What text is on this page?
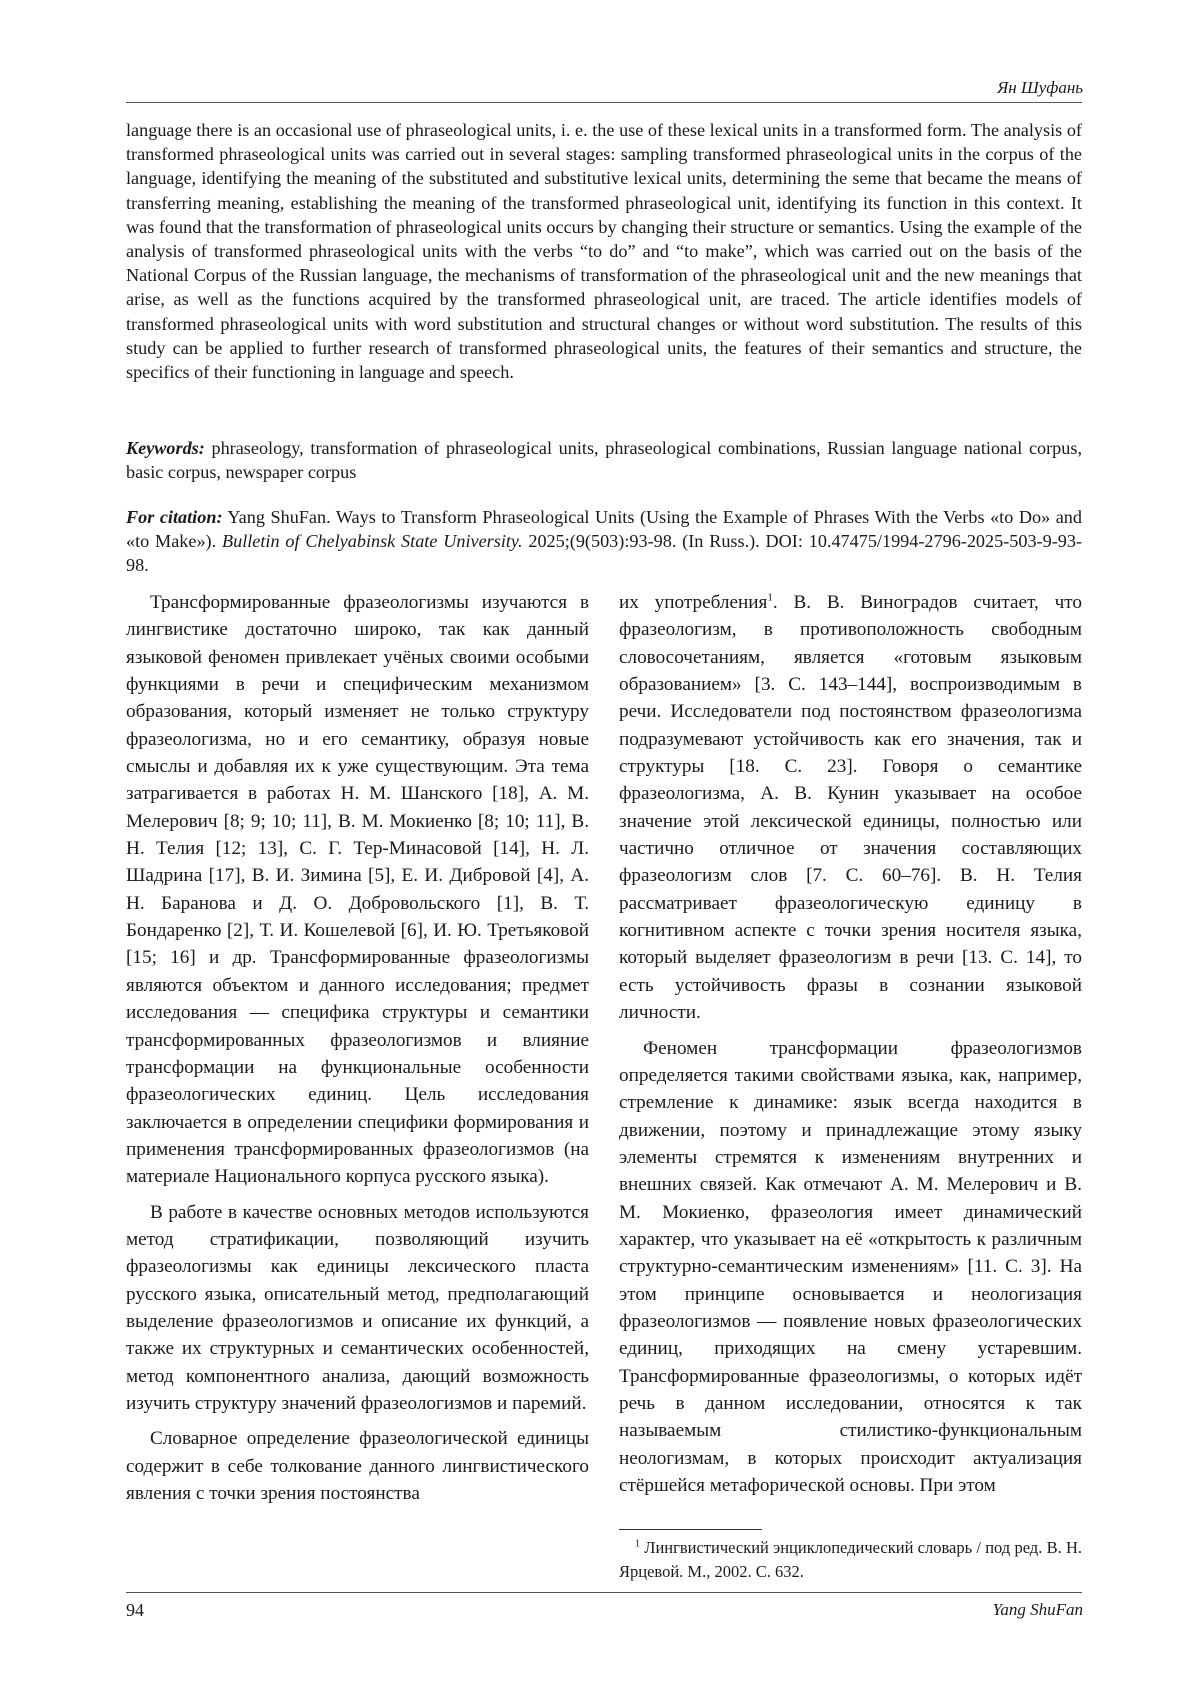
Ян Шуфань

language there is an occasional use of phraseological units, i. e. the use of these lexical units in a transformed form. The analysis of transformed phraseological units was carried out in several stages: sampling transformed phraseological units in the corpus of the language, identifying the meaning of the substituted and substitutive lexical units, determining the seme that became the means of transferring meaning, establishing the meaning of the transformed phraseological unit, identifying its function in this context. It was found that the transformation of phraseological units occurs by changing their structure or semantics. Using the example of the analysis of transformed phraseological units with the verbs “to do” and “to make”, which was carried out on the basis of the National Corpus of the Russian language, the mechanisms of transformation of the phraseological unit and the new meanings that arise, as well as the functions acquired by the transformed phraseological unit, are traced. The article identifies models of transformed phraseological units with word substitution and structural changes or without word substitution. The results of this study can be applied to further research of transformed phraseological units, the features of their semantics and structure, the specifics of their functioning in language and speech.

Keywords: phraseology, transformation of phraseological units, phraseological combinations, Russian language national corpus, basic corpus, newspaper corpus

For citation: Yang ShuFan. Ways to Transform Phraseological Units (Using the Example of Phrases With the Verbs «to Do» and «to Make»). Bulletin of Chelyabinsk State University. 2025;(9(503):93-98. (In Russ.). DOI: 10.47475/1994-2796-2025-503-9-93-98.

Трансформированные фразеологизмы изучаются в лингвистике достаточно широко, так как данный языковой феномен привлекает учёных своими особыми функциями в речи и специфическим механизмом образования, который изменяет не только структуру фразеологизма, но и его семантику, образуя новые смыслы и добавляя их к уже существующим. Эта тема затрагивается в работах Н. М. Шанского [18], А. М. Мелерович [8; 9; 10; 11], В. М. Мокиенко [8; 10; 11], В. Н. Телия [12; 13], С. Г. Тер-Минасовой [14], Н. Л. Шадрина [17], В. И. Зимина [5], Е. И. Дибровой [4], А. Н. Баранова и Д. О. Добровольского [1], В. Т. Бондаренко [2], Т. И. Кошелевой [6], И. Ю. Третьяковой [15; 16] и др. Трансформированные фразеологизмы являются объектом и данного исследования; предмет исследования — специфика структуры и семантики трансформированных фразеологизмов и влияние трансформации на функциональные особенности фразеологических единиц. Цель исследования заключается в определении специфики формирования и применения трансформированных фразеологизмов (на материале Национального корпуса русского языка).

В работе в качестве основных методов используются метод стратификации, позволяющий изучить фразеологизмы как единицы лексического пласта русского языка, описательный метод, предполагающий выделение фразеологизмов и описание их функций, а также их структурных и семантических особенностей, метод компонентного анализа, дающий возможность изучить структуру значений фразеологизмов и паремий.

Словарное определение фразеологической единицы содержит в себе толкование данного лингвистического явления с точки зрения постоянства

их употребления$^1$. В. В. Виноградов считает, что фразеологизм, в противоположность свободным словосочетаниям, является «готовым языковым образованием» [3. С. 143–144], воспроизводимым в речи. Исследователи под постоянством фразеологизма подразумевают устойчивость как его значения, так и структуры [18. С. 23]. Говоря о семантике фразеологизма, А. В. Кунин указывает на особое значение этой лексической единицы, полностью или частично отличное от значения составляющих фразеологизм слов [7. С. 60–76]. В. Н. Телия рассматривает фразеологическую единицу в когнитивном аспекте с точки зрения носителя языка, который выделяет фразеологизм в речи [13. С. 14], то есть устойчивость фразы в сознании языковой личности.

Феномен трансформации фразеологизмов определяется такими свойствами языка, как, например, стремление к динамике: язык всегда находится в движении, поэтому и принадлежащие этому языку элементы стремятся к изменениям внутренних и внешних связей. Как отмечают А. М. Мелерович и В. М. Мокиенко, фразеология имеет динамический характер, что указывает на её «открытость к различным структурно-семантическим изменениям» [11. С. 3]. На этом принципе основывается и неологизация фразеологизмов — появление новых фразеологических единиц, приходящих на смену устаревшим. Трансформированные фразеологизмы, о которых идёт речь в данном исследовании, относятся к так называемым стилистико-функциональным неологизмам, в которых происходит актуализация стёршейся метафорической основы. При этом

$^1$ Лингвистический энциклопедический словарь / под ред. В. Н. Ярцевой. М., 2002. С. 632.

94	Yang ShuFan
